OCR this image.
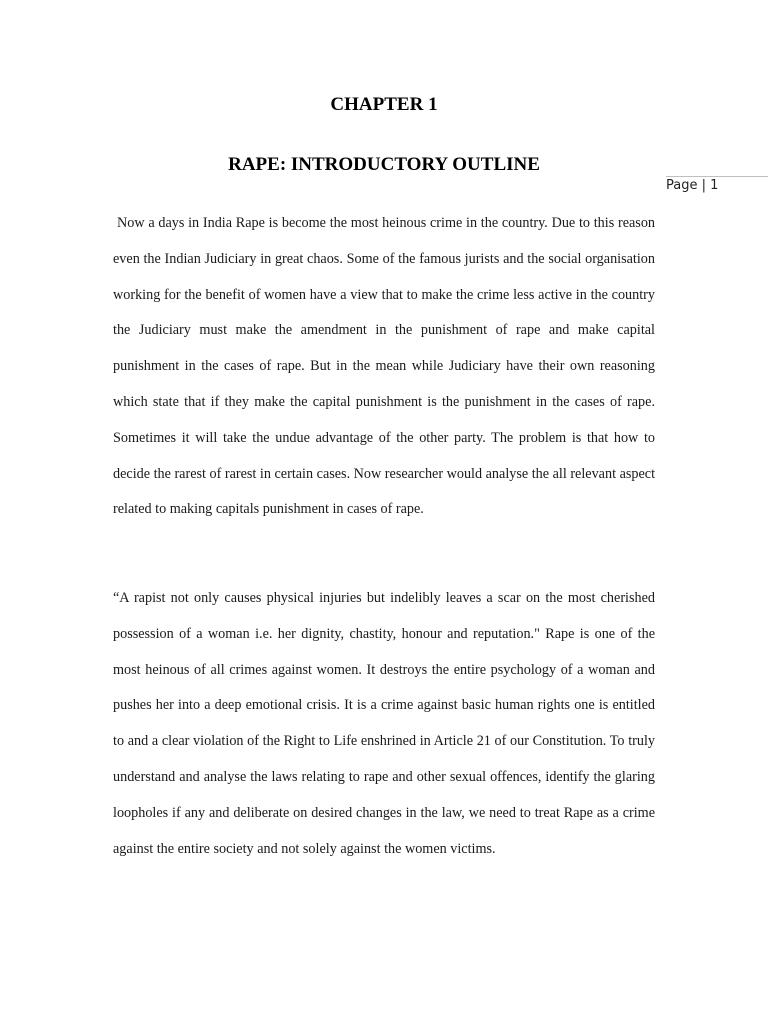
CHAPTER 1
RAPE: INTRODUCTORY OUTLINE
Page | 1

Now a days in India Rape is become the most heinous crime in the country. Due to this reason even the Indian Judiciary in great chaos. Some of the famous jurists and the social organisation working for the benefit of women have a view that to make the crime less active in the country the Judiciary must make the amendment in the punishment of rape and make capital punishment in the cases of rape. But in the mean while Judiciary have their own reasoning which state that if they make the capital punishment is the punishment in the cases of rape. Sometimes it will take the undue advantage of the other party. The problem is that how to decide the rarest of rarest in certain cases. Now researcher would analyse the all relevant aspect related to making capitals punishment in cases of rape.

“A rapist not only causes physical injuries but indelibly leaves a scar on the most cherished possession of a woman i.e. her dignity, chastity, honour and reputation." Rape is one of the most heinous of all crimes against women. It destroys the entire psychology of a woman and pushes her into a deep emotional crisis. It is a crime against basic human rights one is entitled to and a clear violation of the Right to Life enshrined in Article 21 of our Constitution. To truly understand and analyse the laws relating to rape and other sexual offences, identify the glaring loopholes if any and deliberate on desired changes in the law, we need to treat Rape as a crime against the entire society and not solely against the women victims.
